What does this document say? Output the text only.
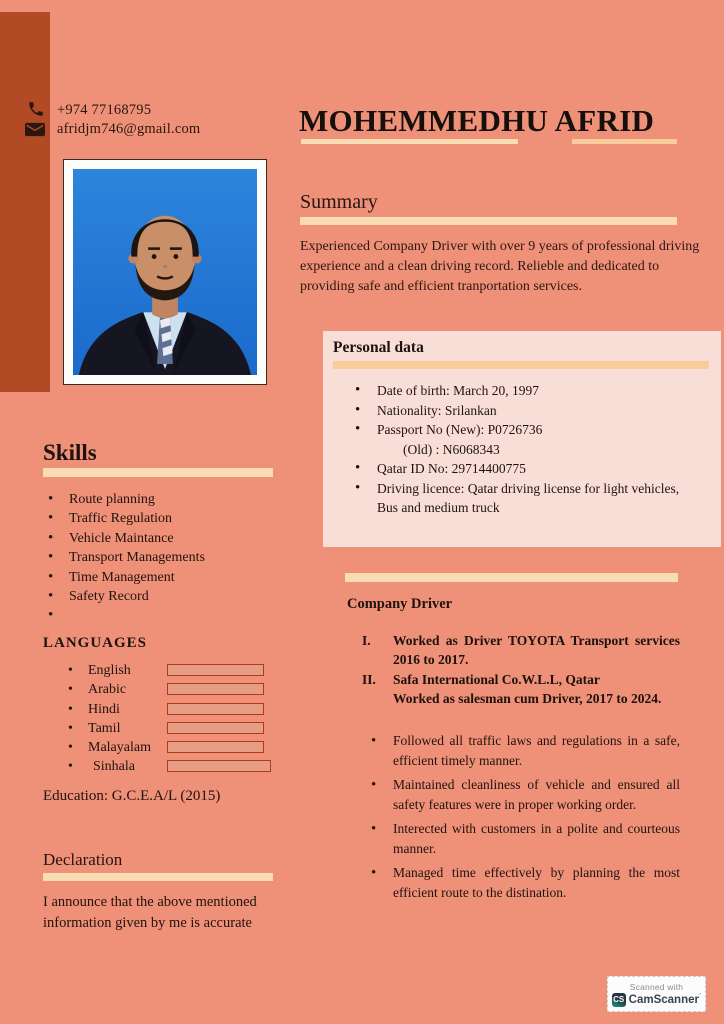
+974 77168795
afridjm746@gmail.com	MOHEMMEDHU AFRID
Summary
Experienced Company Driver with over 9 years of professional driving experience and a clean driving record. Relieble and dedicated to providing safe and efficient tranportation services.
Personal data
• Date of birth: March 20, 1997
• Nationality: Srilankan
• Passport No (New): P0726736
(Old) : N6068343
• Qatar ID No: 29714400775
• Driving licence: Qatar driving license for light vehicles, Bus and medium truck
Company Driver
I.	Worked as Driver TOYOTA Transport services 2016 to 2017.
II.	Safa International Co.W.L.L, Qatar
Worked as salesman cum Driver, 2017 to 2024.
• Followed all traffic laws and regulations in a safe, efficient timely manner.
• Maintained cleanliness of vehicle and ensured all safety features were in proper working order.
• Interected with customers in a polite and courteous manner.
• Managed time effectively by planning the most efficient route to the distination.
Skills
• Route planning
• Traffic Regulation
• Vehicle Maintance
• Transport Managements
• Time Management
• Safety Record
LANGUAGES
• English
• Arabic
• Hindi
• Tamil
• Malayalam
• Sinhala
Education: G.C.E.A/L (2015)
Declaration
I announce that the above mentioned information given by me is accurate
Scanned with
CS CamScanner´
